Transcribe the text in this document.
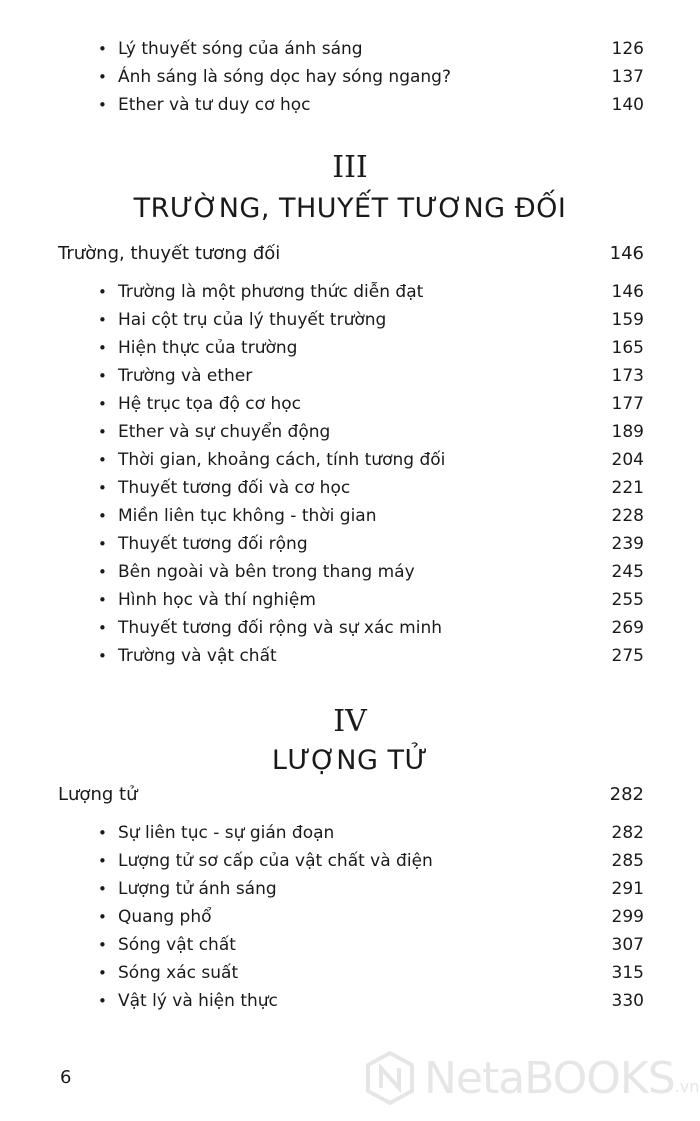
• Lý thuyết sóng của ánh sáng	126
• Ánh sáng là sóng dọc hay sóng ngang?	137
• Ether và tư duy cơ học	140
III
TRƯỜNG, THUYẾT TƯƠNG ĐỐI
Trường, thuyết tương đối	146
• Trường là một phương thức diễn đạt	146
• Hai cột trụ của lý thuyết trường	159
• Hiện thực của trường	165
• Trường và ether	173
• Hệ trục tọa độ cơ học	177
• Ether và sự chuyển động	189
• Thời gian, khoảng cách, tính tương đối	204
• Thuyết tương đối và cơ học	221
• Miền liên tục không - thời gian	228
• Thuyết tương đối rộng	239
• Bên ngoài và bên trong thang máy	245
• Hình học và thí nghiệm	255
• Thuyết tương đối rộng và sự xác minh	269
• Trường và vật chất	275
IV
LƯỢNG TỬ
Lượng tử	282
• Sự liên tục - sự gián đoạn	282
• Lượng tử sơ cấp của vật chất và điện	285
• Lượng tử ánh sáng	291
• Quang phổ	299
• Sóng vật chất	307
• Sóng xác suất	315
• Vật lý và hiện thực	330
6	NetaBOOKS .vn
